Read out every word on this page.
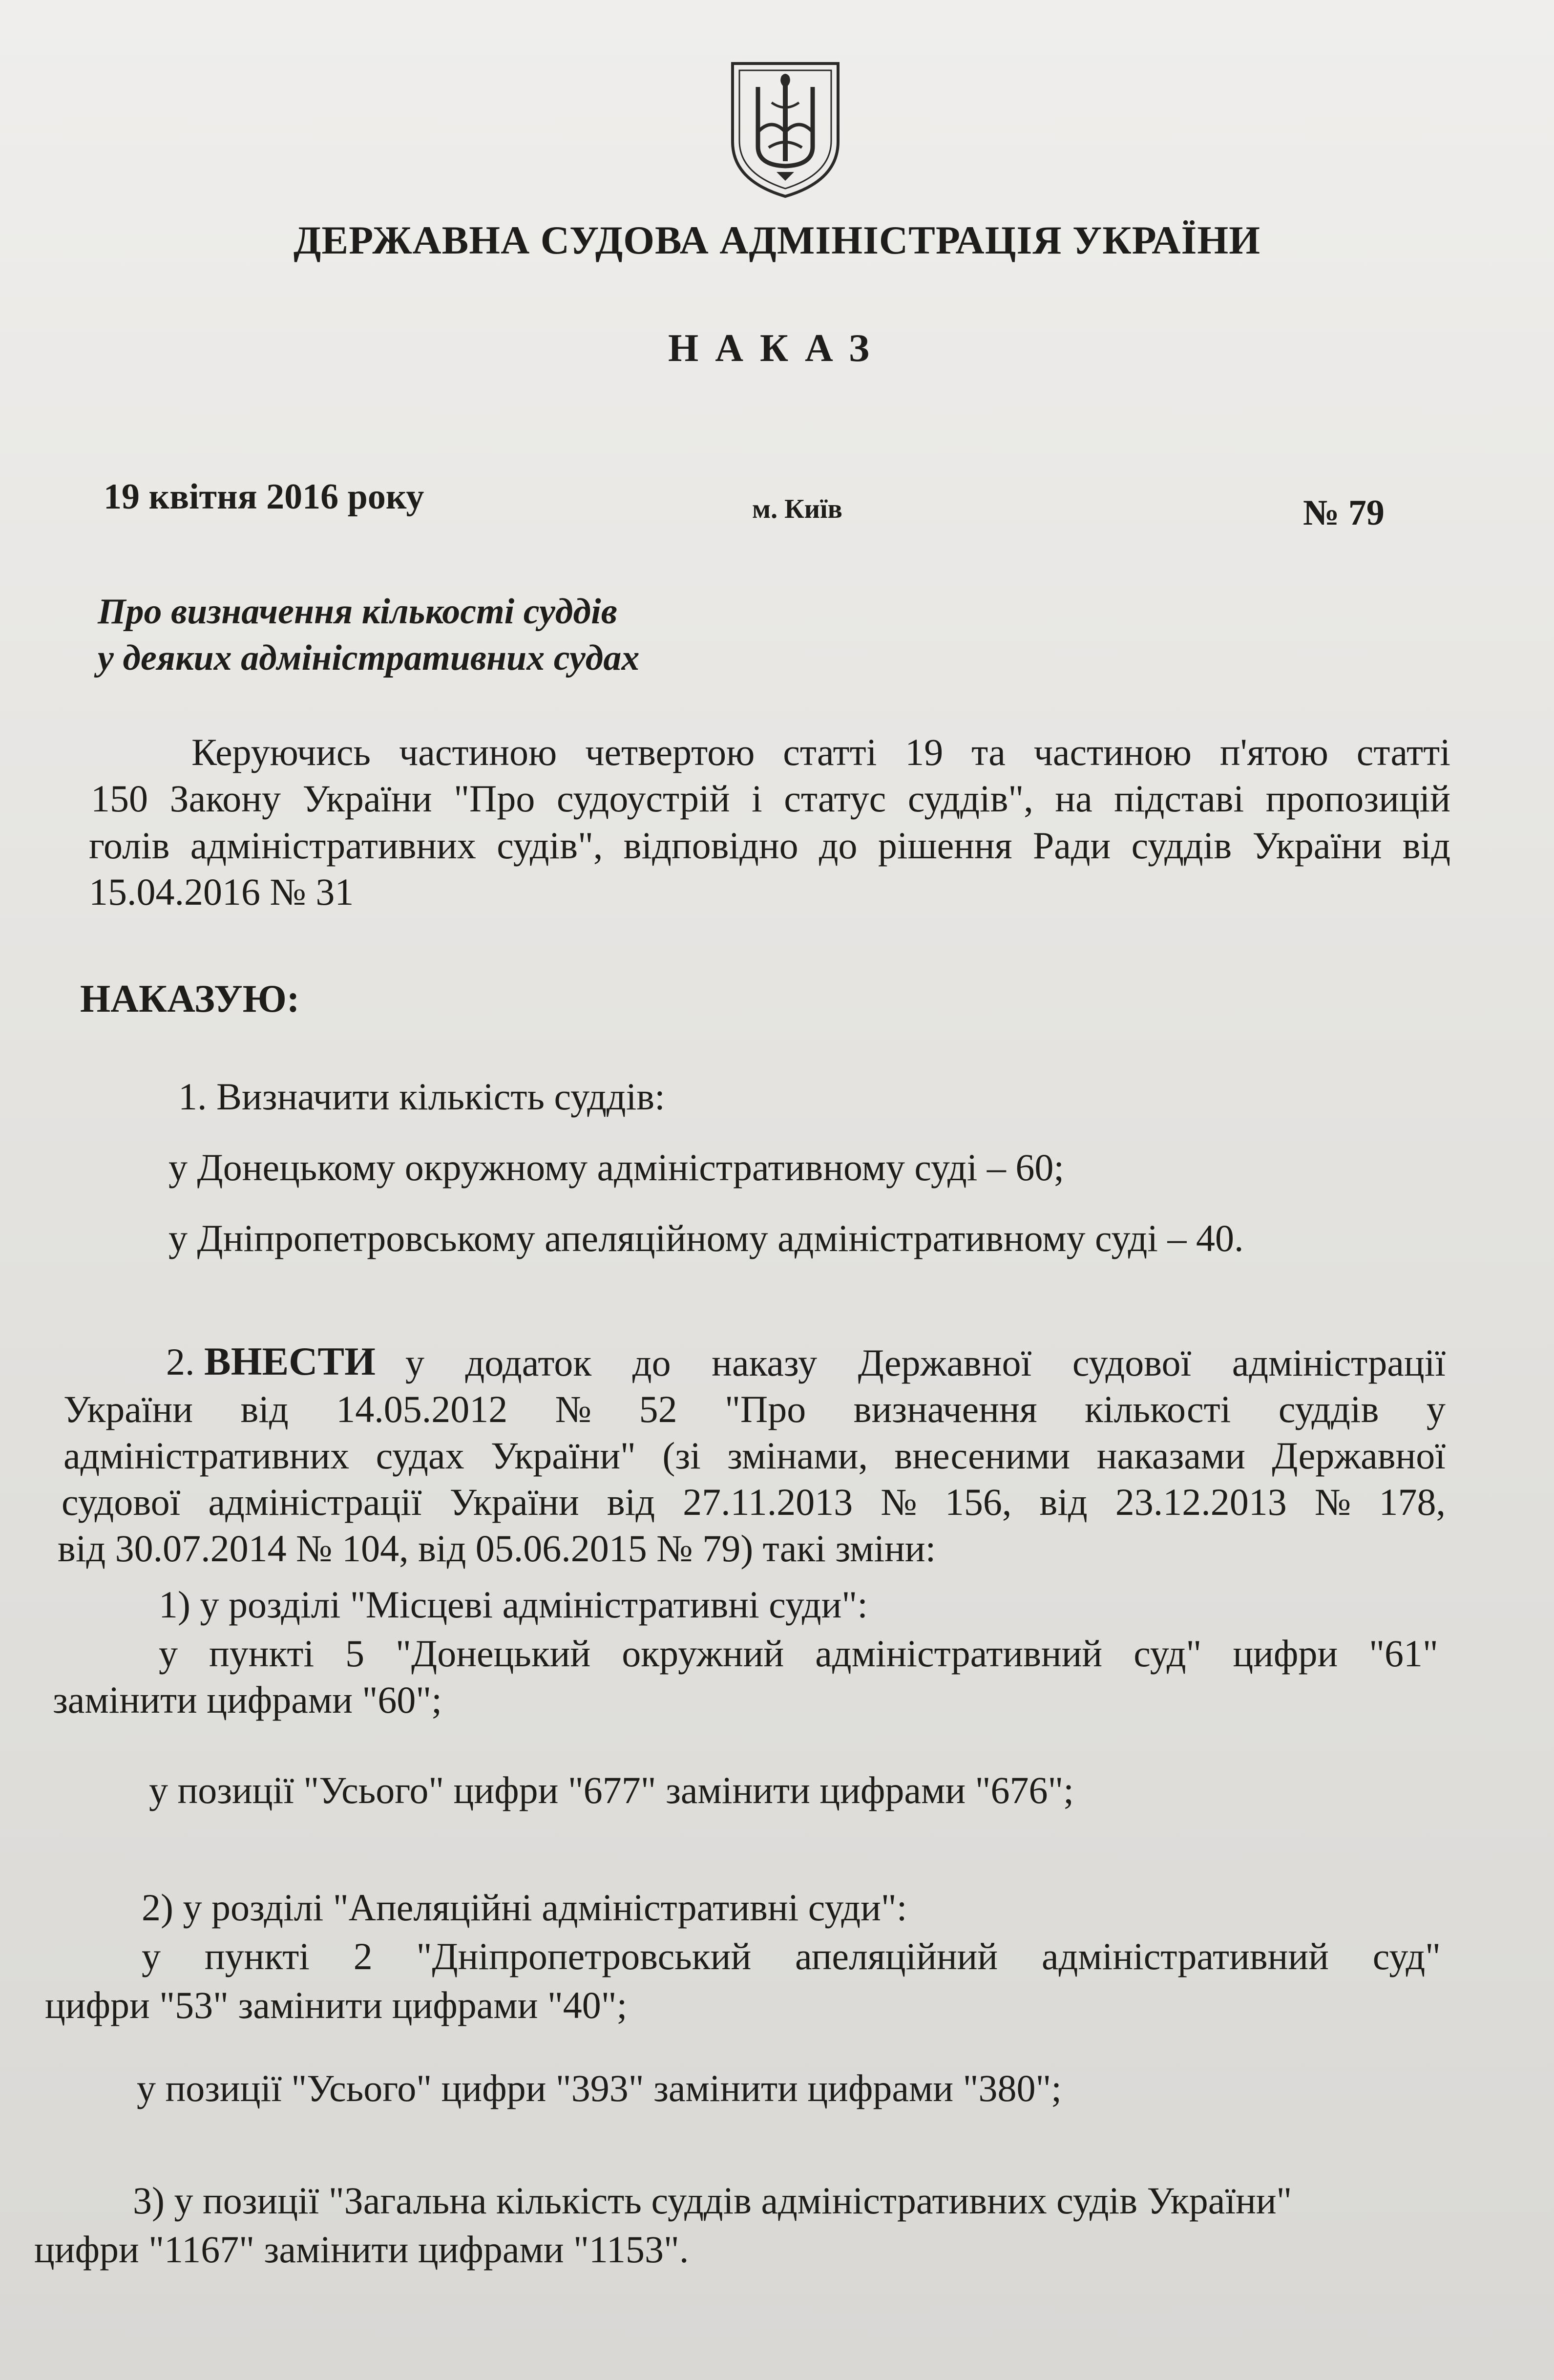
ДЕРЖАВНА СУДОВА АДМІНІСТРАЦІЯ УКРАЇНИ
НАКАЗ
19 квітня 2016 року	м. Київ	№ 79
Про визначення кількості суддів
у деяких адміністративних судах
Керуючись частиною четвертою статті 19 та частиною п'ятою статті
150 Закону України "Про судоустрій і статус суддів", на підставі пропозицій
голів адміністративних судів", відповідно до рішення Ради суддів України від
15.04.2016 № 31
НАКАЗУЮ:
1. Визначити кількість суддів:
у Донецькому окружному адміністративному суді – 60;
у Дніпропетровському апеляційному адміністративному суді – 40.
2. ВНЕСТИ у додаток до наказу Державної судової адміністрації
України від 14.05.2012 № 52 "Про визначення кількості суддів у
адміністративних судах України" (зі змінами, внесеними наказами Державної
судової адміністрації України від 27.11.2013 № 156, від 23.12.2013 № 178,
від 30.07.2014 № 104, від 05.06.2015 № 79) такі зміни:
1) у розділі "Місцеві адміністративні суди":
у пункті 5 "Донецький окружний адміністративний суд" цифри "61"
замінити цифрами "60";
у позиції "Усього" цифри "677" замінити цифрами "676";
2) у розділі "Апеляційні адміністративні суди":
у пункті 2 "Дніпропетровський апеляційний адміністративний суд"
цифри "53" замінити цифрами "40";
у позиції "Усього" цифри "393" замінити цифрами "380";
3) у позиції "Загальна кількість суддів адміністративних судів України"
цифри "1167" замінити цифрами "1153".
